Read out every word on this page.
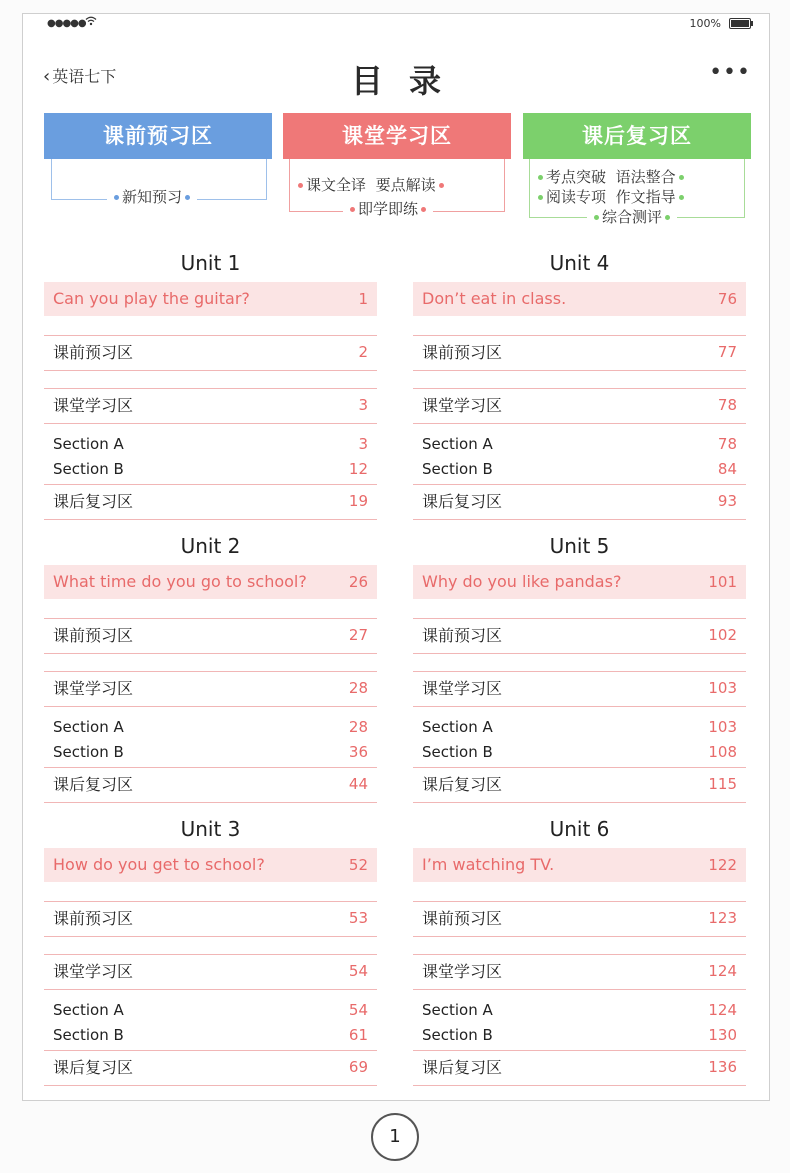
●●●●●	100%
‹ 英语七下	目录	•••
课前预习区	课堂学习区	课后复习区
新知预习
课文全译 要点解读
即学即练
考点突破 语法整合
阅读专项 作文指导
综合测评
Unit 1
Can you play the guitar?	1
课前预习区	2
课堂学习区	3
Section A	3
Section B	12
课后复习区	19
Unit 2
What time do you go to school?	26
课前预习区	27
课堂学习区	28
Section A	28
Section B	36
课后复习区	44
Unit 3
How do you get to school?	52
课前预习区	53
课堂学习区	54
Section A	54
Section B	61
课后复习区	69
Unit 4
Don’t eat in class.	76
课前预习区	77
课堂学习区	78
Section A	78
Section B	84
课后复习区	93
Unit 5
Why do you like pandas?	101
课前预习区	102
课堂学习区	103
Section A	103
Section B	108
课后复习区	115
Unit 6
I’m watching TV.	122
课前预习区	123
课堂学习区	124
Section A	124
Section B	130
课后复习区	136
1
